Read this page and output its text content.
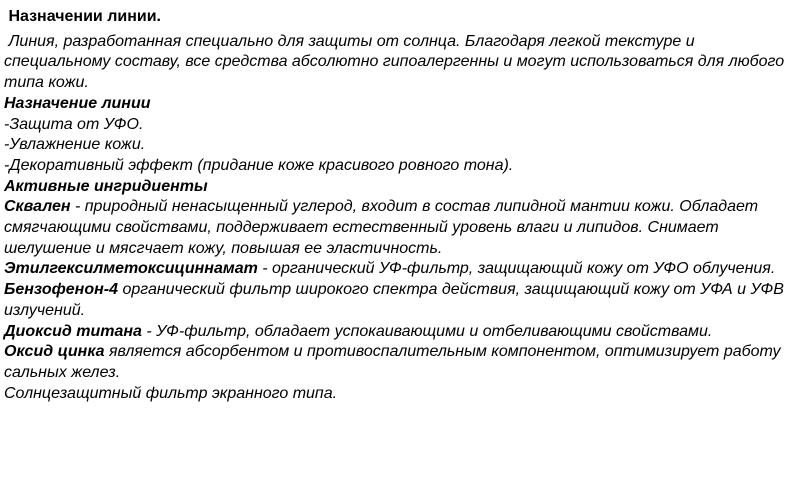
Назначении линии.

Линия, разработанная специально для защиты от солнца. Благодаря легкой текстуре и специальному составу, все средства абсолютно гипоалергенны и могут использоваться для любого типа кожи.

Назначение линии

-Защита от УФО.

-Увлажнение кожи.

-Декоративный эффект (придание коже красивого ровного тона).

Активные ингридиенты

Сквален - природный ненасыщенный углерод, входит в состав липидной мантии кожи. Обладает смягчающими свойствами, поддерживает естественный уровень влаги и липидов. Снимает шелушение и мясгчает кожу, повышая ее эластичность.

Этилгексилметоксициннамат - органический УФ-фильтр, защищающий кожу от УФО облучения.

Бензофенон-4 органический фильтр широкого спектра действия, защищающий кожу от УФА и УФВ излучений.

Диоксид титана - УФ-фильтр, обладает успокаивающими и отбеливающими свойствами.

Оксид цинка является абсорбентом и противоспалительным компонентом, оптимизирует работу сальных желез.

Солнцезащитный фильтр экранного типа.
